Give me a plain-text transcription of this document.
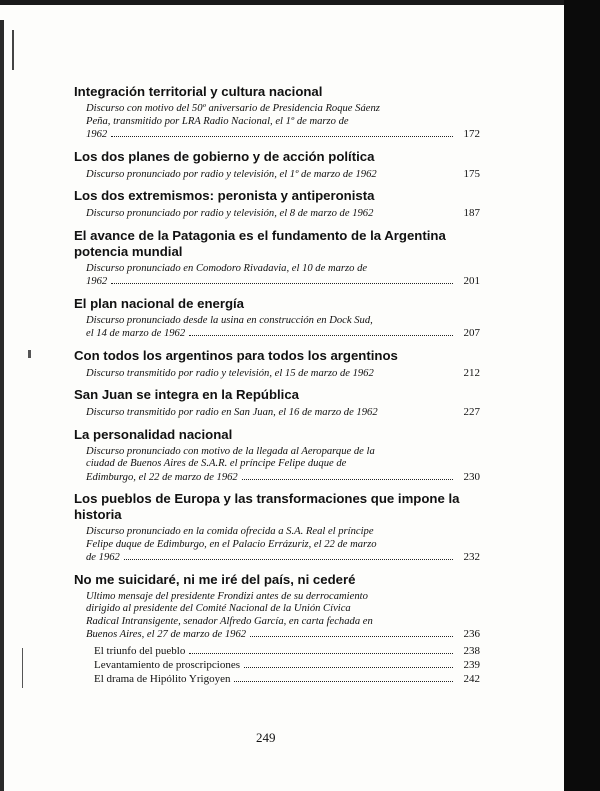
Integración territorial y cultura nacional
Discurso con motivo del 50º aniversario de Presidencia Roque Sáenz
Peña, transmitido por LRA Radio Nacional, el 1º de marzo de
1962	172
Los dos planes de gobierno y de acción política
Discurso pronunciado por radio y televisión, el 1º de marzo de 1962	175
Los dos extremismos: peronista y antiperonista
Discurso pronunciado por radio y televisión, el 8 de marzo de 1962	187
El avance de la Patagonia es el fundamento de la Argentina potencia mundial
Discurso pronunciado en Comodoro Rivadavia, el 10 de marzo de
1962	201
El plan nacional de energía
Discurso pronunciado desde la usina en construcción en Dock Sud,
el 14 de marzo de 1962	207
Con todos los argentinos para todos los argentinos
Discurso transmitido por radio y televisión, el 15 de marzo de 1962	212
San Juan se integra en la República
Discurso transmitido por radio en San Juan, el 16 de marzo de 1962	227
La personalidad nacional
Discurso pronunciado con motivo de la llegada al Aeroparque de la
ciudad de Buenos Aires de S.A.R. el príncipe Felipe duque de
Edimburgo, el 22 de marzo de 1962	230
Los pueblos de Europa y las transformaciones que impone la historia
Discurso pronunciado en la comida ofrecida a S.A. Real el príncipe
Felipe duque de Edimburgo, en el Palacio Errázuriz, el 22 de marzo
de 1962	232
No me suicidaré, ni me iré del país, ni cederé
Ultimo mensaje del presidente Frondizi antes de su derrocamiento
dirigido al presidente del Comité Nacional de la Unión Cívica
Radical Intransigente, senador Alfredo García, en carta fechada en
Buenos Aires, el 27 de marzo de 1962	236
El triunfo del pueblo	238
Levantamiento de proscripciones	239
El drama de Hipólito Yrigoyen	242
249
